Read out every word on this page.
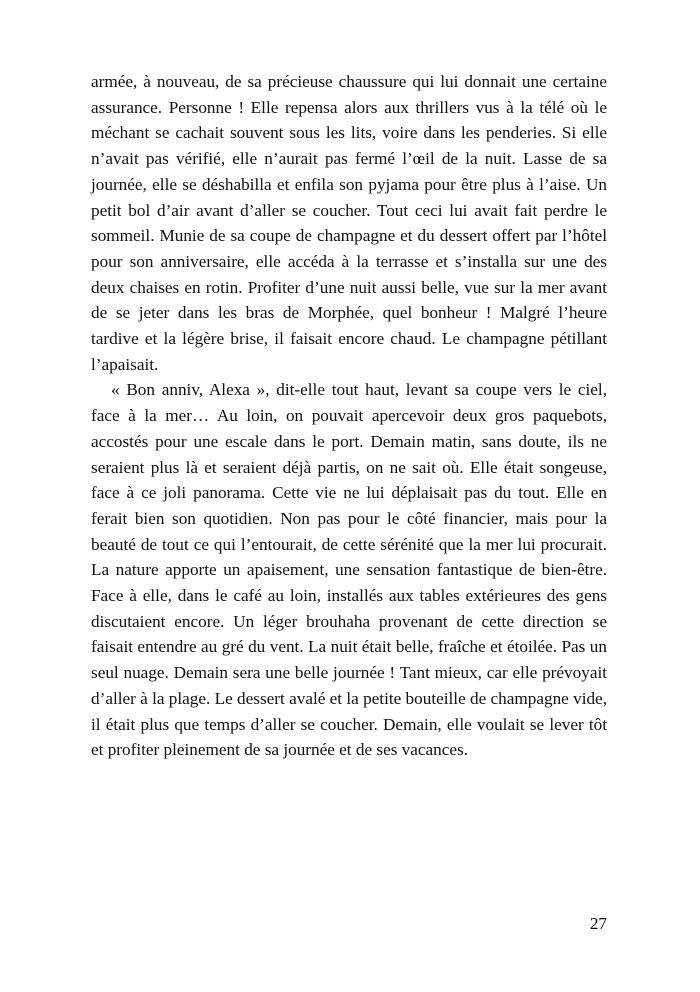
armée, à nouveau, de sa précieuse chaussure qui lui donnait une certaine assurance. Personne ! Elle repensa alors aux thrillers vus à la télé où le méchant se cachait souvent sous les lits, voire dans les penderies. Si elle n’avait pas vérifié, elle n’aurait pas fermé l’œil de la nuit. Lasse de sa journée, elle se déshabilla et enfila son pyjama pour être plus à l’aise. Un petit bol d’air avant d’aller se coucher. Tout ceci lui avait fait perdre le sommeil. Munie de sa coupe de champagne et du dessert offert par l’hôtel pour son anniversaire, elle accéda à la terrasse et s’installa sur une des deux chaises en rotin. Profiter d’une nuit aussi belle, vue sur la mer avant de se jeter dans les bras de Morphée, quel bonheur ! Malgré l’heure tardive et la légère brise, il faisait encore chaud. Le champagne pétillant l’apaisait.

« Bon anniv, Alexa », dit-elle tout haut, levant sa coupe vers le ciel, face à la mer… Au loin, on pouvait apercevoir deux gros paquebots, accostés pour une escale dans le port. Demain matin, sans doute, ils ne seraient plus là et seraient déjà partis, on ne sait où. Elle était songeuse, face à ce joli panorama. Cette vie ne lui déplaisait pas du tout. Elle en ferait bien son quotidien. Non pas pour le côté financier, mais pour la beauté de tout ce qui l’entourait, de cette sérénité que la mer lui procurait. La nature apporte un apaisement, une sensation fantastique de bien-être. Face à elle, dans le café au loin, installés aux tables extérieures des gens discutaient encore. Un léger brouhaha provenant de cette direction se faisait entendre au gré du vent. La nuit était belle, fraîche et étoilée. Pas un seul nuage. Demain sera une belle journée ! Tant mieux, car elle prévoyait d’aller à la plage. Le dessert avalé et la petite bouteille de champagne vide, il était plus que temps d’aller se coucher. Demain, elle voulait se lever tôt et profiter pleinement de sa journée et de ses vacances.

27
